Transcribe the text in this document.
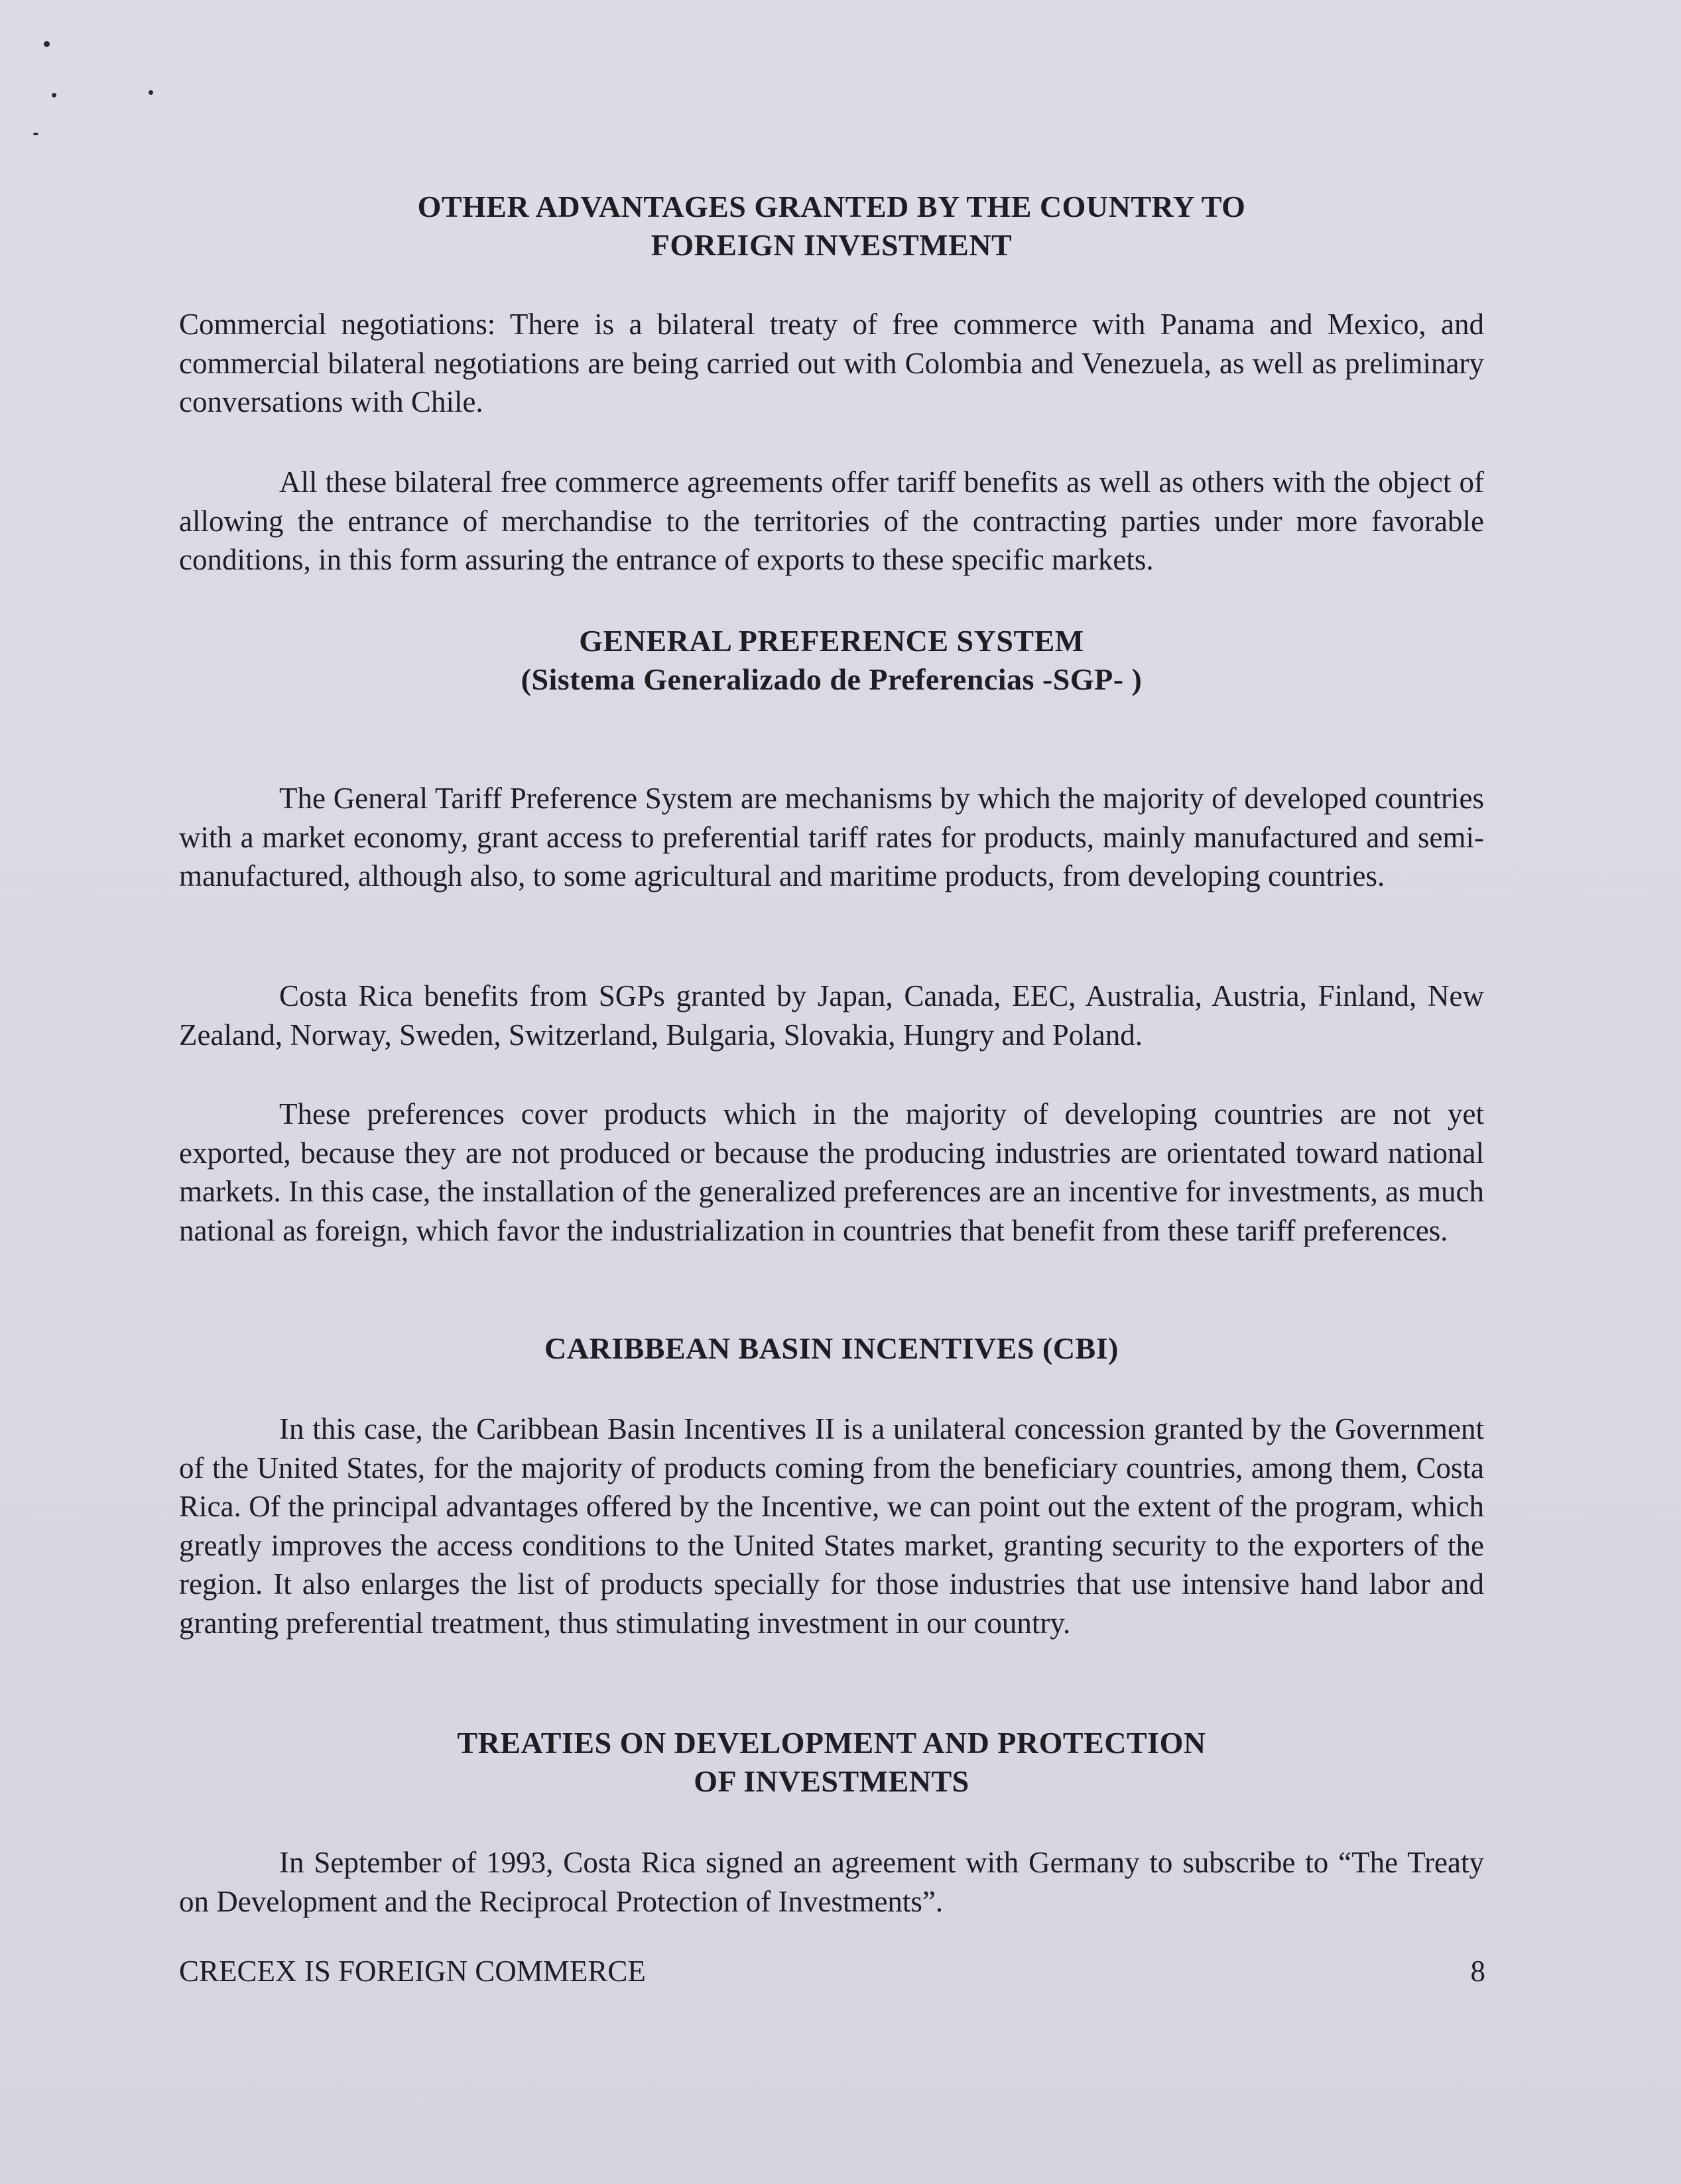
OTHER ADVANTAGES GRANTED BY THE COUNTRY TO
FOREIGN INVESTMENT

Commercial negotiations: There is a bilateral treaty of free commerce with Panama and Mexico, and commercial bilateral negotiations are being carried out with Colombia and Venezuela, as well as preliminary conversations with Chile.

All these bilateral free commerce agreements offer tariff benefits as well as others with the object of allowing the entrance of merchandise to the territories of the contracting parties under more favorable conditions, in this form assuring the entrance of exports to these specific markets.

GENERAL PREFERENCE SYSTEM
(Sistema Generalizado de Preferencias -SGP- )

The General Tariff Preference System are mechanisms by which the majority of developed countries with a market economy, grant access to preferential tariff rates for products, mainly manufactured and semi-manufactured, although also, to some agricultural and maritime products, from developing countries.

Costa Rica benefits from SGPs granted by Japan, Canada, EEC, Australia, Austria, Finland, New Zealand, Norway, Sweden, Switzerland, Bulgaria, Slovakia, Hungry and Poland.

These preferences cover products which in the majority of developing countries are not yet exported, because they are not produced or because the producing industries are orientated toward national markets. In this case, the installation of the generalized preferences are an incentive for investments, as much national as foreign, which favor the industrialization in countries that benefit from these tariff preferences.

CARIBBEAN BASIN INCENTIVES (CBI)

In this case, the Caribbean Basin Incentives II is a unilateral concession granted by the Government of the United States, for the majority of products coming from the beneficiary countries, among them, Costa Rica. Of the principal advantages offered by the Incentive, we can point out the extent of the program, which greatly improves the access conditions to the United States market, granting security to the exporters of the region. It also enlarges the list of products specially for those industries that use intensive hand labor and granting preferential treatment, thus stimulating investment in our country.

TREATIES ON DEVELOPMENT AND PROTECTION
OF INVESTMENTS

In September of 1993, Costa Rica signed an agreement with Germany to subscribe to “The Treaty on Development and the Reciprocal Protection of Investments”.

CRECEX IS FOREIGN COMMERCE	8
